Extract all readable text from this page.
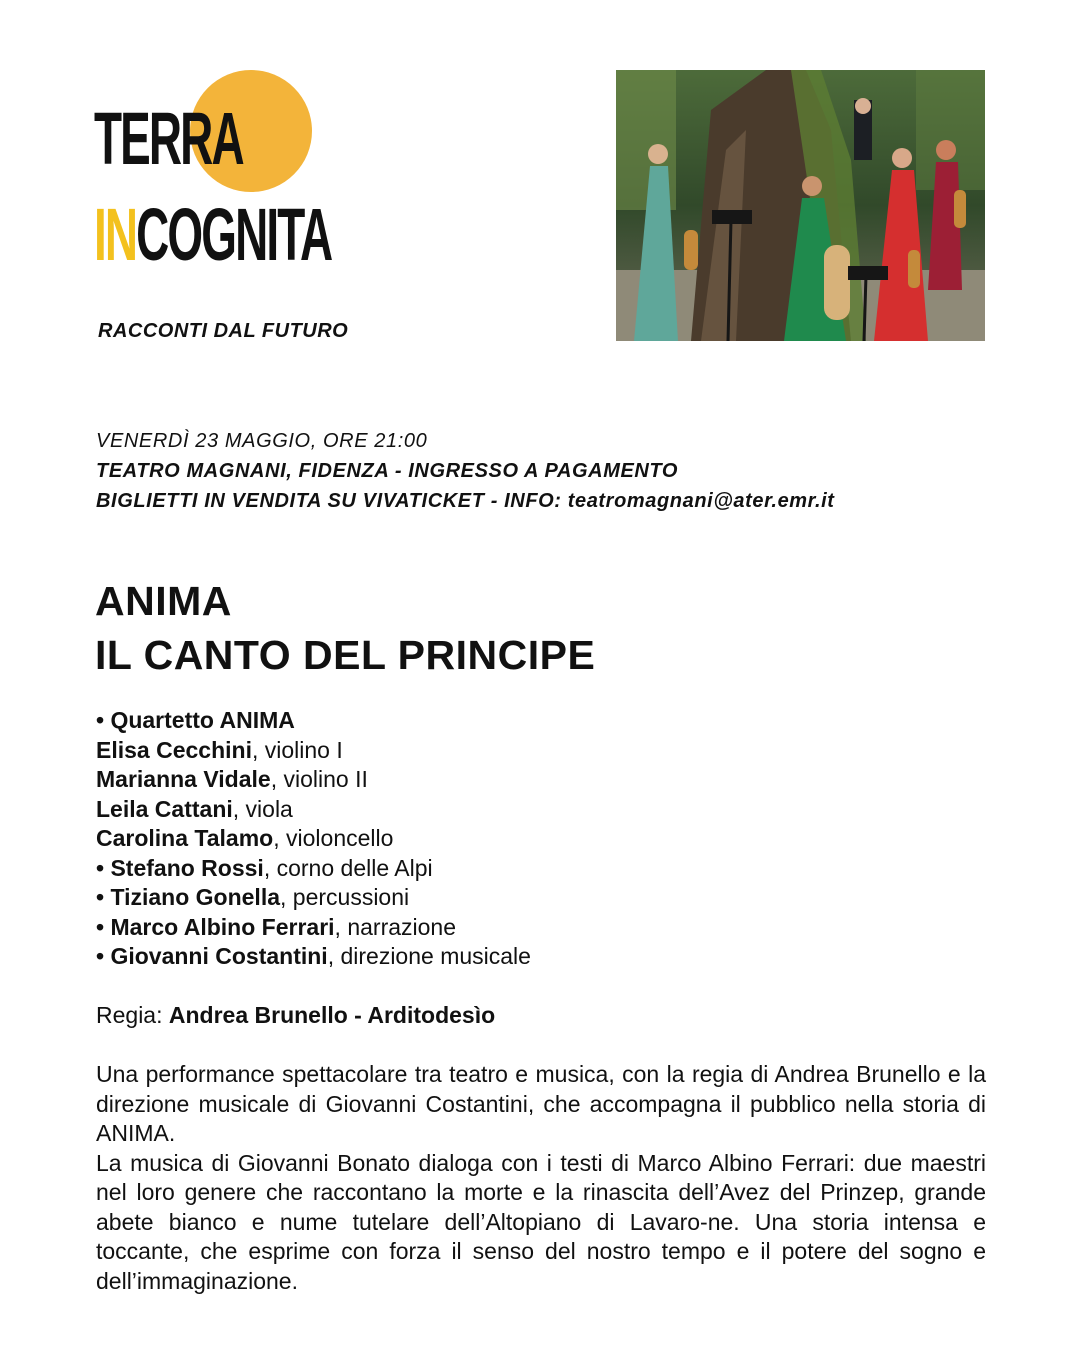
TERRA
INCOGNITA
RACCONTI DAL FUTURO

VENERDÌ 23 MAGGIO, ORE 21:00

TEATRO MAGNANI, FIDENZA - INGRESSO A PAGAMENTO

BIGLIETTI IN VENDITA SU VIVATICKET - INFO: teatromagnani@ater.emr.it

ANIMA
IL CANTO DEL PRINCIPE
• Quartetto ANIMA
Elisa Cecchini, violino I
Marianna Vidale, violino II
Leila Cattani, viola
Carolina Talamo, violoncello
• Stefano Rossi, corno delle Alpi
• Tiziano Gonella, percussioni
• Marco Albino Ferrari, narrazione
• Giovanni Costantini, direzione musicale
Regia: Andrea Brunello - Arditodesìo

Una performance spettacolare tra teatro e musica, con la regia di Andrea Brunello e la direzione musicale di Giovanni Costantini, che accompagna il pubblico nella storia di ANIMA.

La musica di Giovanni Bonato dialoga con i testi di Marco Albino Ferrari: due maestri nel loro genere che raccontano la morte e la rinascita dell’Avez del Prinzep, grande abete bianco e nume tutelare dell’Altopiano di Lavaro-ne. Una storia intensa e toccante, che esprime con forza il senso del nostro tempo e il potere del sogno e dell’immaginazione.
